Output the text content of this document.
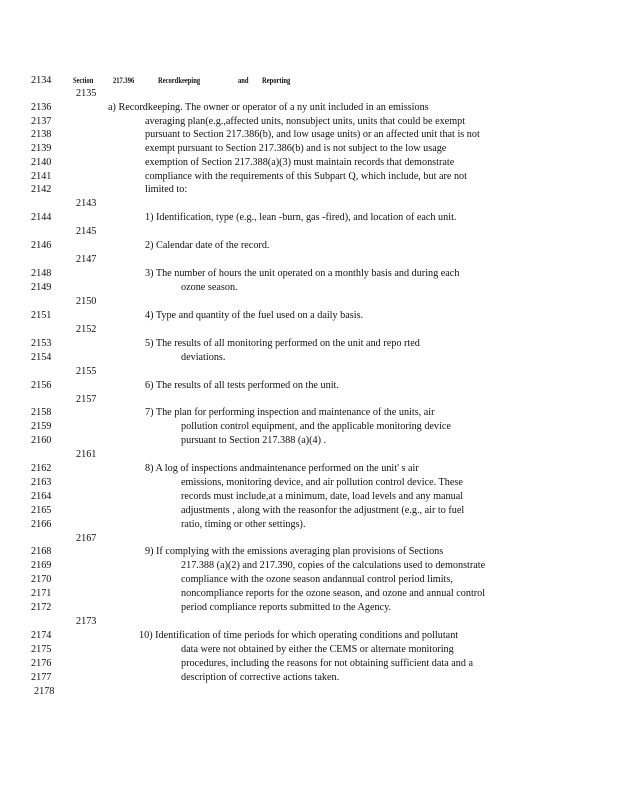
2134	Section 217.396	Recordkeeping	and Reporting
2135
2136	a) Recordkeeping. The owner or operator of a ny unit included in an emissions
2137	averaging plan(e.g.,affected units, nonsubject units, units that could be exempt
2138	pursuant to Section 217.386(b), and low usage units) or an affected unit that is not
2139	exempt pursuant to Section 217.386(b) and is not subject to the low usage
2140	exemption of Section 217.388(a)(3) must maintain records that demonstrate
2141	compliance with the requirements of this Subpart Q, which include, but are not
2142	limited to:
2143
2144	1) Identification, type (e.g., lean -burn, gas -fired), and location of each unit.
2145
2146	2) Calendar date of the record.
2147
2148	3) The number of hours the unit operated on a monthly basis and during each
2149	ozone season.
2150
2151	4) Type and quantity of the fuel used on a daily basis.
2152
2153	5) The results of all monitoring performed on the unit and repo rted
2154	deviations.
2155
2156	6) The results of all tests performed on the unit.
2157
2158	7) The plan for performing inspection and maintenance of the units, air
2159	pollution control equipment, and the applicable monitoring device
2160	pursuant to Section 217.388 (a)(4) .
2161
2162	8) A log of inspections andmaintenance performed on the unit' s air
2163	emissions, monitoring device, and air pollution control device. These
2164	records must include,at a minimum, date, load levels and any manual
2165	adjustments , along with the reasonfor the adjustment (e.g., air to fuel
2166	ratio, timing or other settings).
2167
2168	9) If complying with the emissions averaging plan provisions of Sections
2169	217.388 (a)(2) and 217.390, copies of the calculations used to demonstrate
2170	compliance with the ozone season andannual control period limits,
2171	noncompliance reports for the ozone season, and ozone and annual control
2172	period compliance reports submitted to the Agency.
2173
2174	10) Identification of time periods for which operating conditions and pollutant
2175	data were not obtained by either the CEMS or alternate monitoring
2176	procedures, including the reasons for not obtaining sufficient data and a
2177	description of corrective actions taken.
2178
